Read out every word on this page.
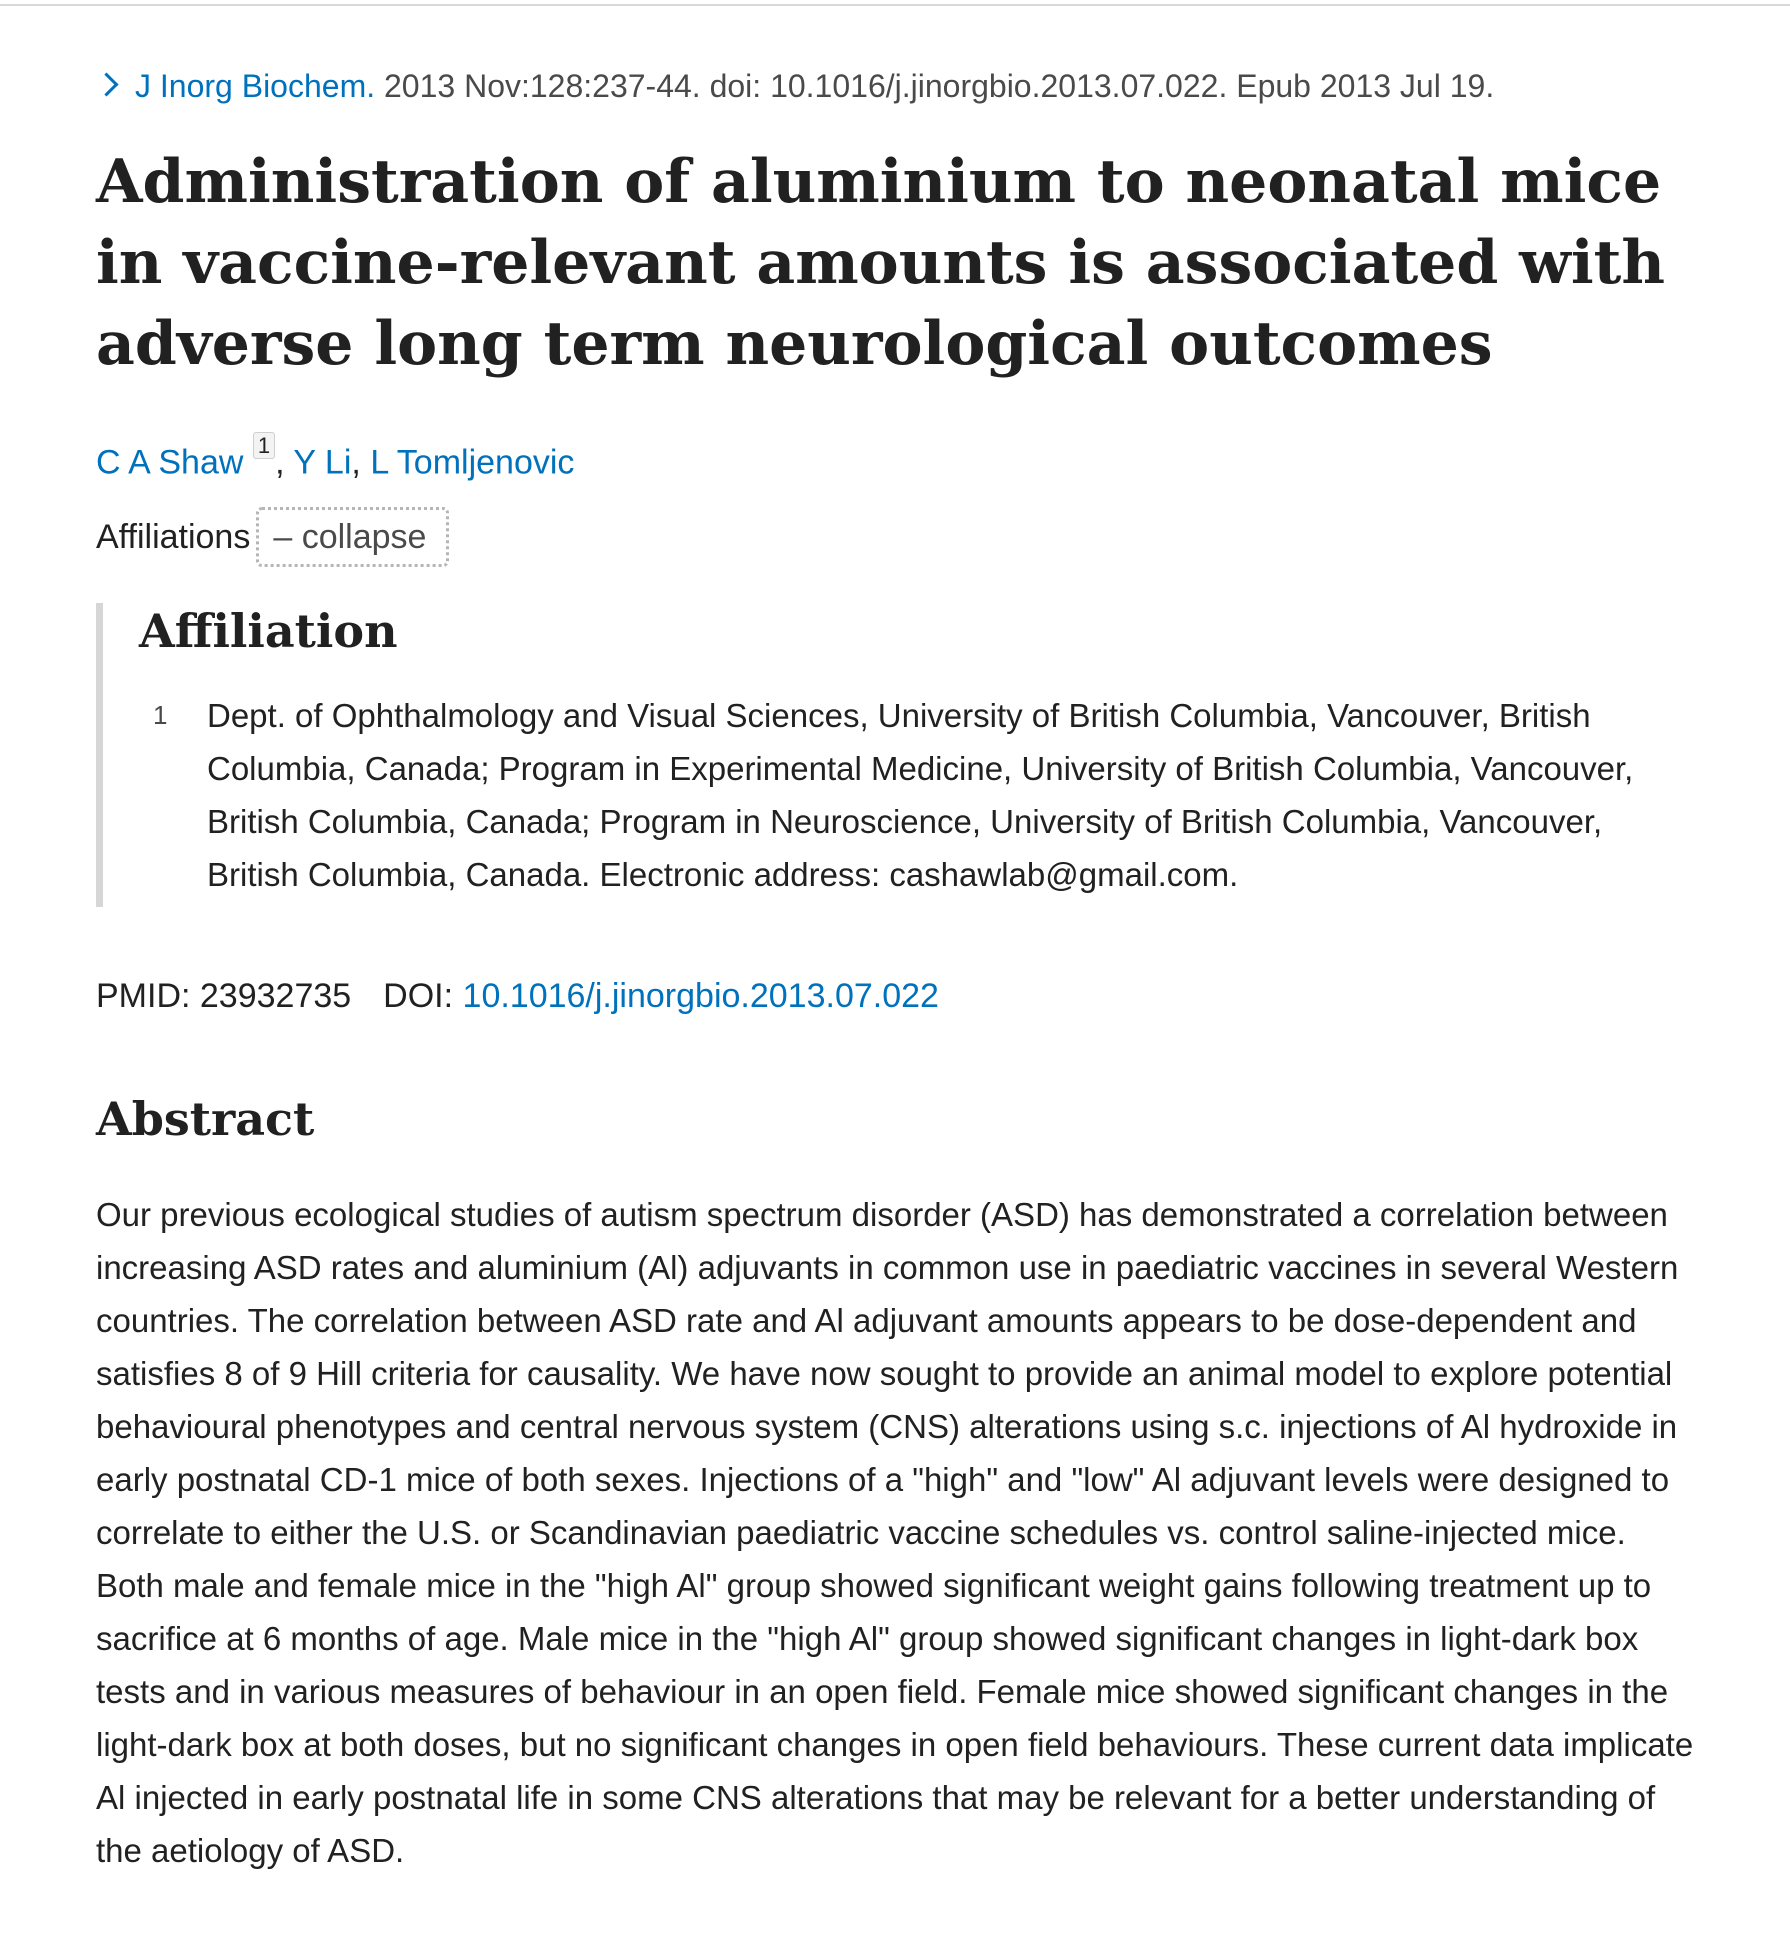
J Inorg Biochem. 2013 Nov:128:237-44. doi: 10.1016/j.jinorgbio.2013.07.022. Epub 2013 Jul 19.
Administration of aluminium to neonatal mice in vaccine-relevant amounts is associated with adverse long term neurological outcomes
C A Shaw $^1$ , Y Li, L Tomljenovic
Affiliations – collapse
Affiliation
1	Dept. of Ophthalmology and Visual Sciences, University of British Columbia, Vancouver, British Columbia, Canada; Program in Experimental Medicine, University of British Columbia, Vancouver, British Columbia, Canada; Program in Neuroscience, University of British Columbia, Vancouver, British Columbia, Canada. Electronic address: cashawlab@gmail.com.
PMID: 23932735 DOI: 10.1016/j.jinorgbio.2013.07.022
Abstract

Our previous ecological studies of autism spectrum disorder (ASD) has demonstrated a correlation between increasing ASD rates and aluminium (Al) adjuvants in common use in paediatric vaccines in several Western countries. The correlation between ASD rate and Al adjuvant amounts appears to be dose-dependent and satisfies 8 of 9 Hill criteria for causality. We have now sought to provide an animal model to explore potential behavioural phenotypes and central nervous system (CNS) alterations using s.c. injections of Al hydroxide in early postnatal CD-1 mice of both sexes. Injections of a "high" and "low" Al adjuvant levels were designed to correlate to either the U.S. or Scandinavian paediatric vaccine schedules vs. control saline-injected mice. Both male and female mice in the "high Al" group showed significant weight gains following treatment up to sacrifice at 6 months of age. Male mice in the "high Al" group showed significant changes in light-dark box tests and in various measures of behaviour in an open field. Female mice showed significant changes in the light-dark box at both doses, but no significant changes in open field behaviours. These current data implicate Al injected in early postnatal life in some CNS alterations that may be relevant for a better understanding of the aetiology of ASD.
